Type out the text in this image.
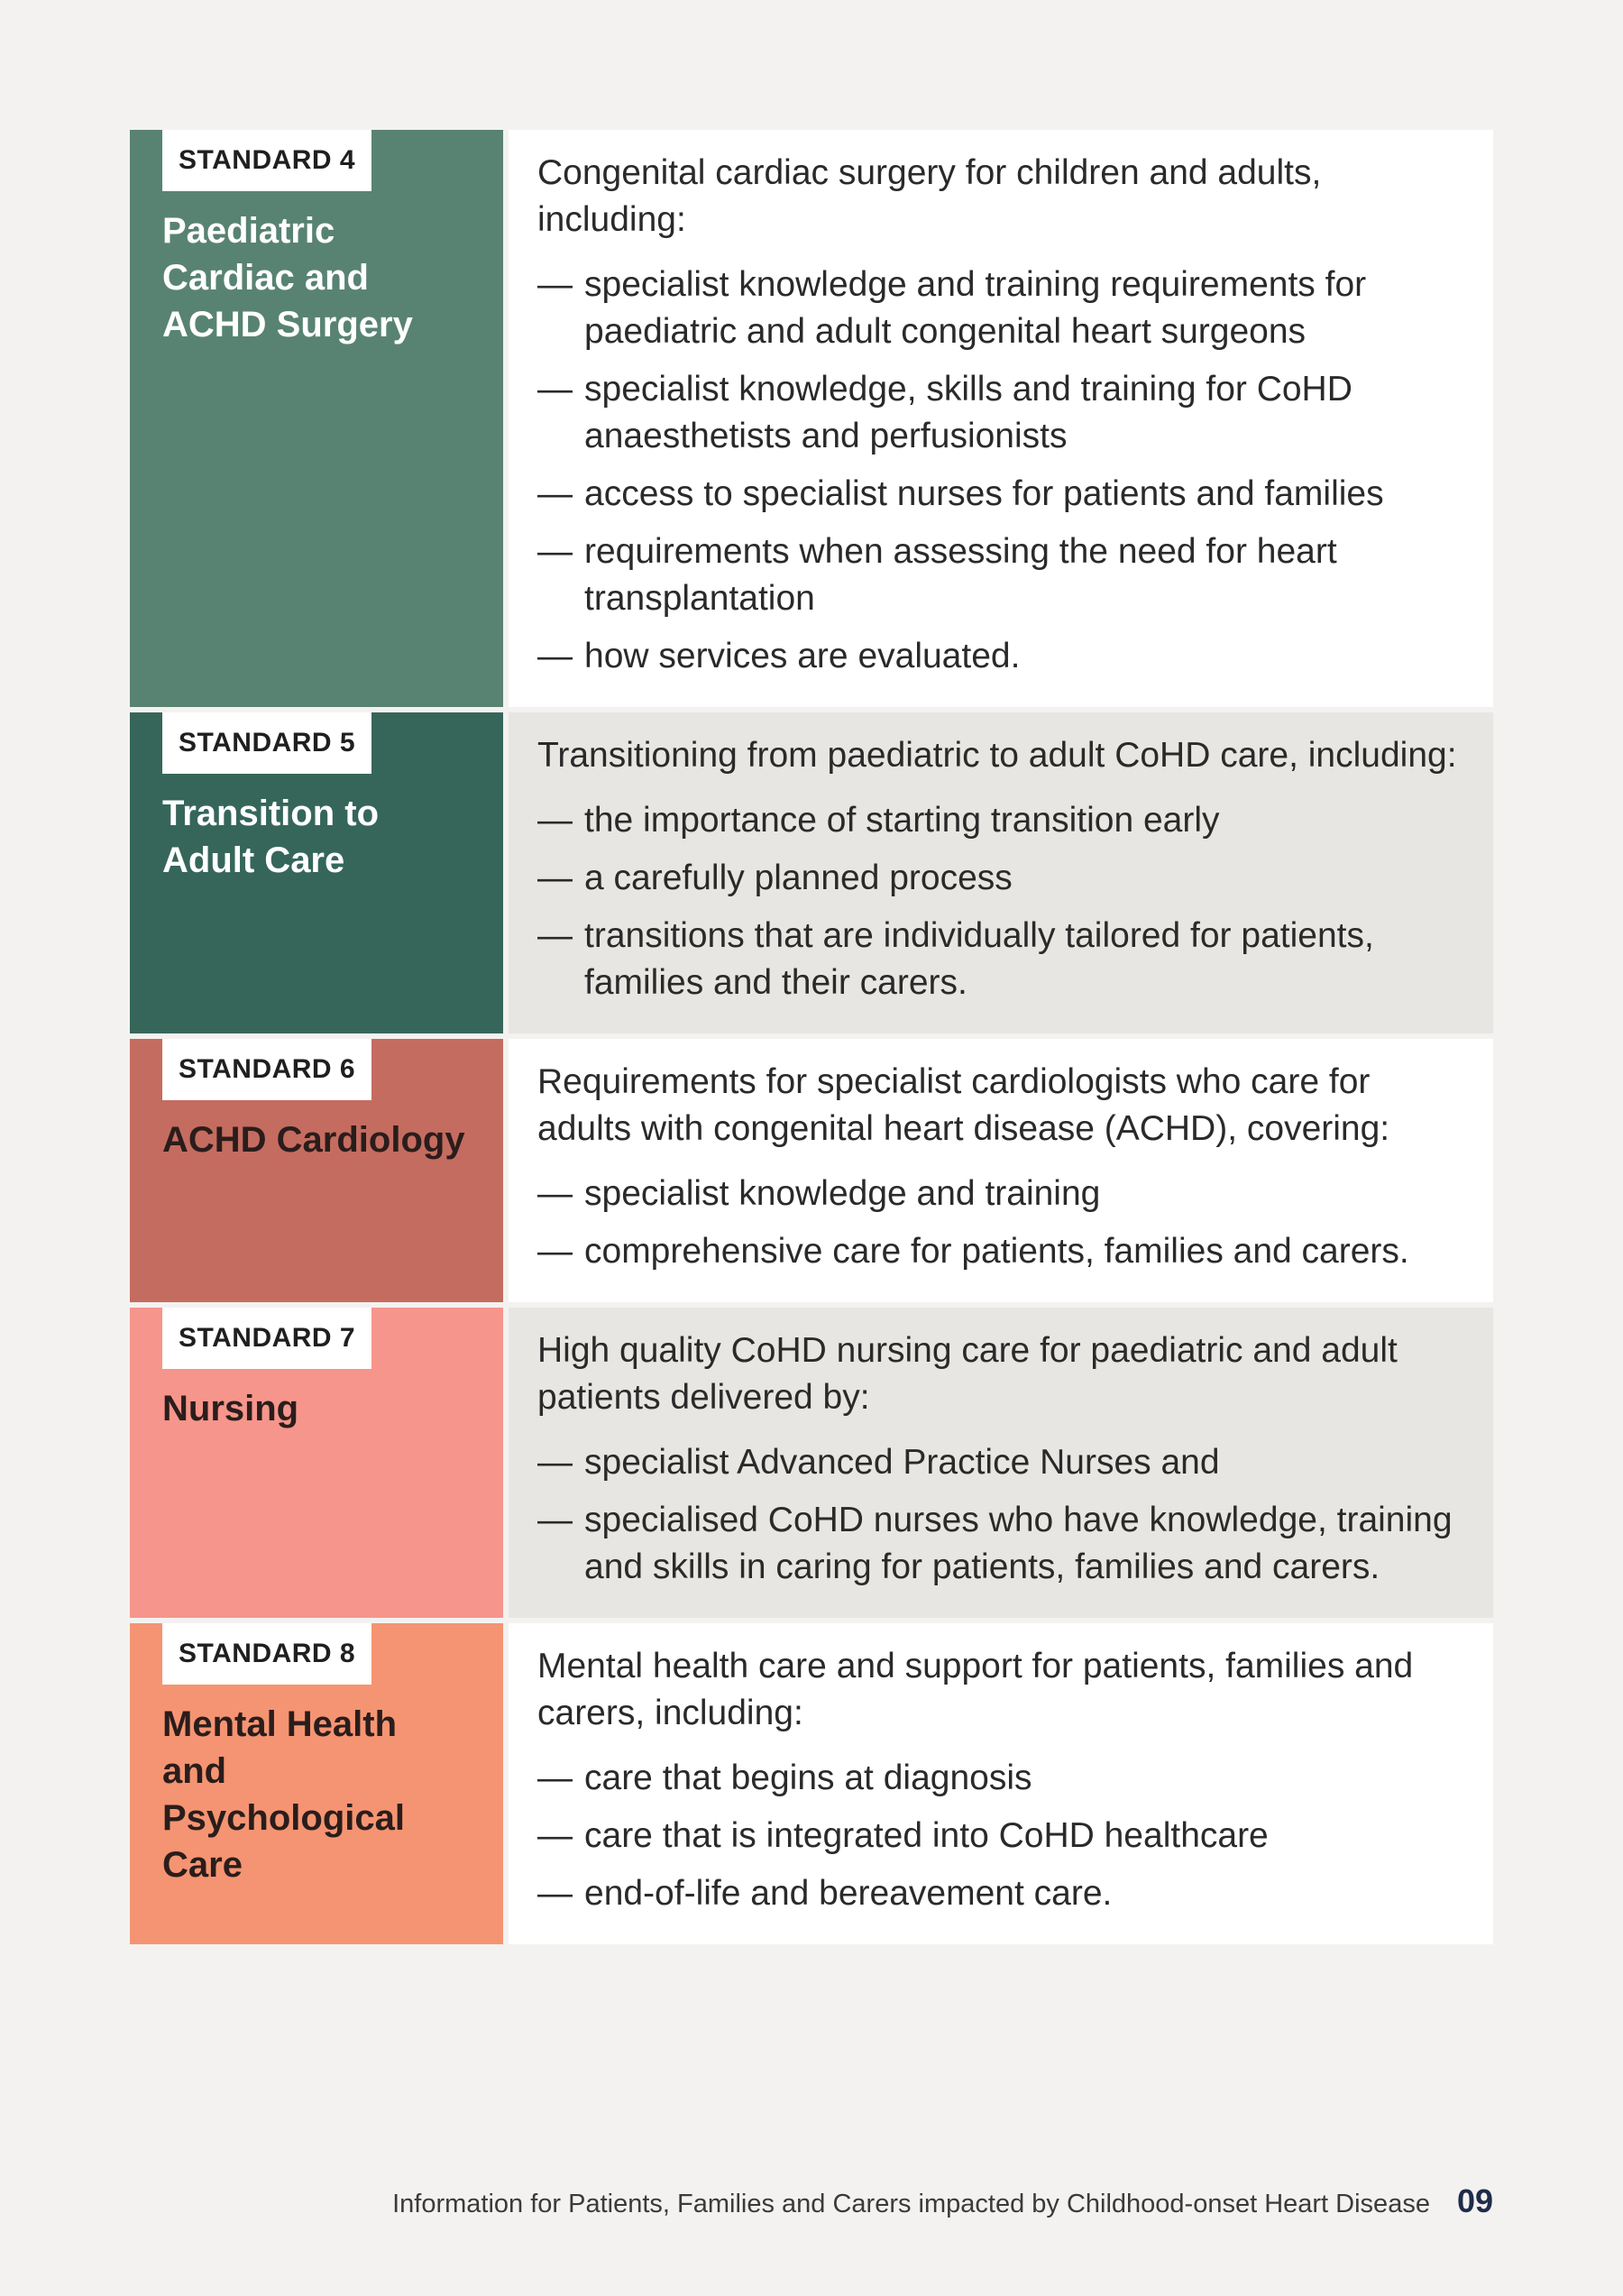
STANDARD 4
Paediatric Cardiac and ACHD Surgery

Congenital cardiac surgery for children and adults, including:

— specialist knowledge and training requirements for paediatric and adult congenital heart surgeons
— specialist knowledge, skills and training for CoHD anaesthetists and perfusionists
— access to specialist nurses for patients and families
— requirements when assessing the need for heart transplantation
— how services are evaluated.
STANDARD 5
Transition to Adult Care

Transitioning from paediatric to adult CoHD care, including:

— the importance of starting transition early
— a carefully planned process
— transitions that are individually tailored for patients, families and their carers.
STANDARD 6
ACHD Cardiology

Requirements for specialist cardiologists who care for adults with congenital heart disease (ACHD), covering:

— specialist knowledge and training
— comprehensive care for patients, families and carers.
STANDARD 7
Nursing

High quality CoHD nursing care for paediatric and adult patients delivered by:

— specialist Advanced Practice Nurses and
— specialised CoHD nurses who have knowledge, training and skills in caring for patients, families and carers.
STANDARD 8
Mental Health and Psychological Care

Mental health care and support for patients, families and carers, including:

— care that begins at diagnosis
— care that is integrated into CoHD healthcare
— end-of-life and bereavement care.
Information for Patients, Families and Carers impacted by Childhood-onset Heart Disease 09
